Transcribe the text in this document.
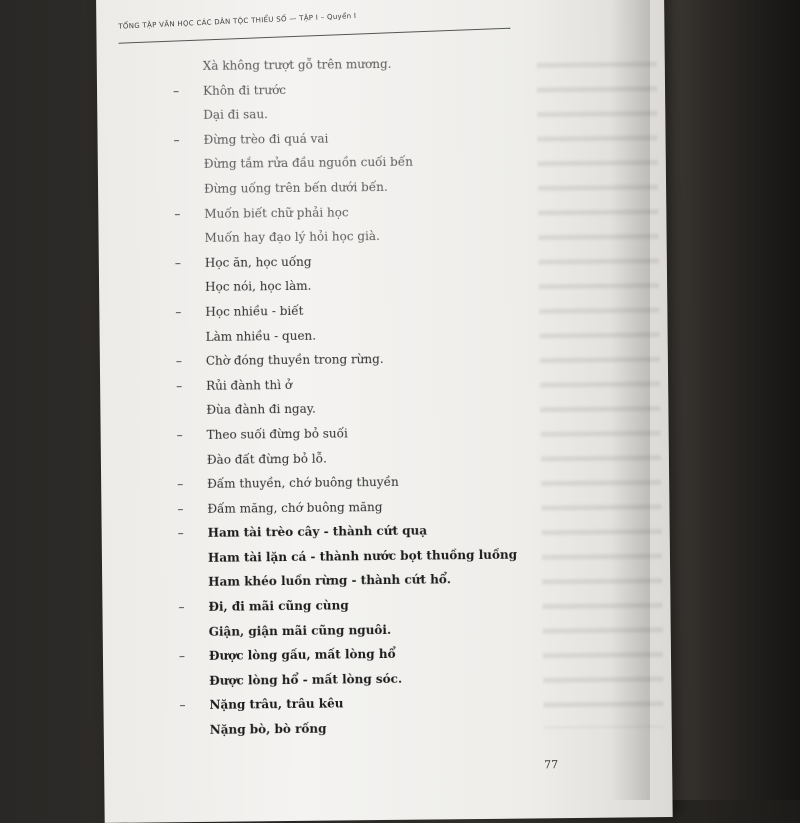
TỔNG TẬP VĂN HỌC CÁC DÂN TỘC THIỂU SỐ — TẬP I – Quyển I
Xà không trượt gỗ trên mương.
– Khôn đi trước
Dại đi sau.
– Đừng trèo đi quá vai
Đừng tắm rửa đầu nguồn cuối bến
Đừng uống trên bến dưới bến.
– Muốn biết chữ phải học
Muốn hay đạo lý hỏi học già.
– Học ăn, học uống
Học nói, học làm.
– Học nhiều - biết
Làm nhiều - quen.
– Chờ đóng thuyền trong rừng.
– Rủi đành thì ở
Đùa đành đi ngay.
– Theo suối đừng bỏ suối
Đào đất đừng bỏ lỗ.
– Đấm thuyền, chớ buông thuyền
– Đấm măng, chớ buông măng
– Ham tài trèo cây - thành cứt quạ
Ham tài lặn cá - thành nước bọt thuồng luồng
Ham khéo luồn rừng - thành cứt hổ.
– Đi, đi mãi cũng cùng
Giận, giận mãi cũng nguôi.
– Được lòng gấu, mất lòng hổ
Được lòng hổ - mất lòng sóc.
– Nặng trâu, trâu kêu
Nặng bò, bò rống
77
